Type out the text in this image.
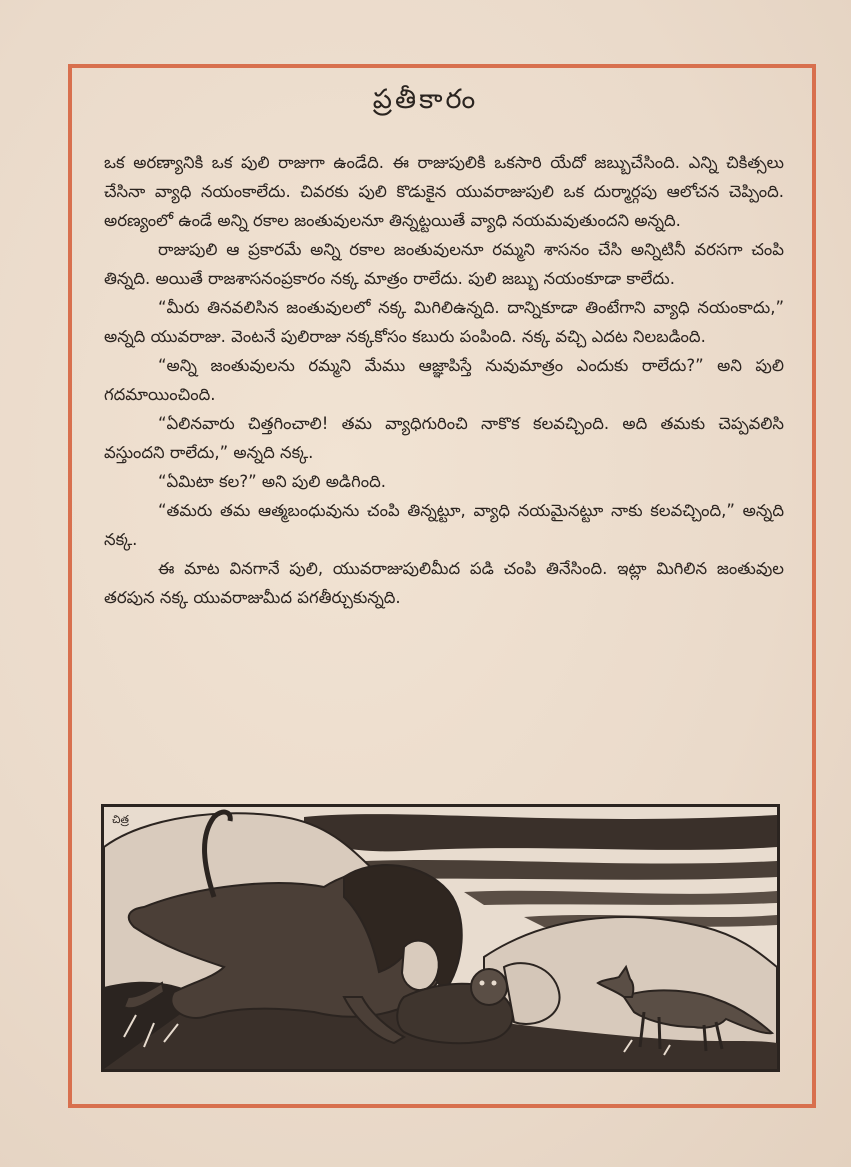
ప్రతీకారం

ఒక అరణ్యానికి ఒక పులి రాజుగా ఉండేది. ఈ రాజుపులికి ఒకసారి యేదో జబ్బుచేసింది. ఎన్ని చికిత్సలు చేసినా వ్యాధి నయంకాలేదు. చివరకు పులి కొడుకైన యువరాజుపులి ఒక దుర్మార్గపు ఆలోచన చెప్పింది. అరణ్యంలో ఉండే అన్ని రకాల జంతువులనూ తిన్నట్టయితే వ్యాధి నయమవుతుందని అన్నది.

రాజుపులి ఆ ప్రకారమే అన్ని రకాల జంతువులనూ రమ్మని శాసనం చేసి అన్నిటినీ వరసగా చంపి తిన్నది. అయితే రాజశాసనంప్రకారం నక్క మాత్రం రాలేదు. పులి జబ్బు నయంకూడా కాలేదు.

“మీరు తినవలిసిన జంతువులలో నక్క మిగిలిఉన్నది. దాన్నికూడా తింటేగాని వ్యాధి నయంకాదు,” అన్నది యువరాజు. వెంటనే పులిరాజు నక్కకోసం కబురు పంపింది. నక్క వచ్చి ఎదట నిలబడింది.

“అన్ని జంతువులను రమ్మని మేము ఆజ్ఞాపిస్తే నువుమాత్రం ఎందుకు రాలేదు?” అని పులి గదమాయించింది.

“ఏలినవారు చిత్తగించాలి! తమ వ్యాధిగురించి నాకొక కలవచ్చింది. అది తమకు చెప్పవలిసి వస్తుందని రాలేదు,” అన్నది నక్క.

“ఏమిటా కల?” అని పులి అడిగింది.

“తమరు తమ ఆత్మబంధువును చంపి తిన్నట్టూ, వ్యాధి నయమైనట్టూ నాకు కలవచ్చింది,” అన్నది నక్క.

ఈ మాట వినగానే పులి, యువరాజుపులిమీద పడి చంపి తినేసింది. ఇట్లా మిగిలిన జంతువుల తరపున నక్క యువరాజుమీద పగతీర్చుకున్నది.

చిత్ర
